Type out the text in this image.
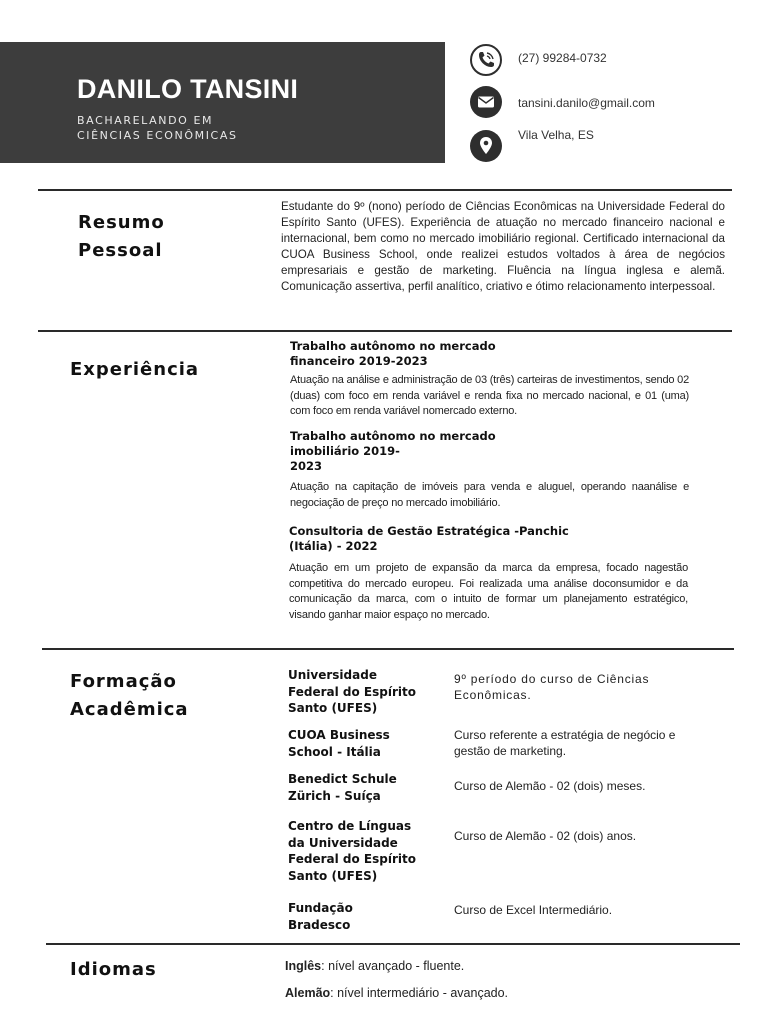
DANILO TANSINI
BACHARELANDO EM
CIÊNCIAS ECONÔMICAS
(27) 99284-0732
tansini.danilo@gmail.com
Vila Velha, ES
Resumo
Pessoal
Estudante do 9º (nono) período de Ciências Econômicas na Universidade Federal do Espírito Santo (UFES). Experiência de atuação no mercado financeiro nacional e internacional, bem como no mercado imobiliário regional. Certificado internacional da CUOA Business School, onde realizei estudos voltados à área de negócios empresariais e gestão de marketing. Fluência na língua inglesa e alemã. Comunicação assertiva, perfil analítico, criativo e ótimo relacionamento interpessoal.
Experiência
Trabalho autônomo no mercado
financeiro 2019-2023
Atuação na análise e administração de 03 (três) carteiras de investimentos, sendo 02 (duas) com foco em renda variável e renda fixa no mercado nacional, e 01 (uma) com foco em renda variável nomercado externo.
Trabalho autônomo no mercado
imobiliário 2019-
2023
Atuação na capitação de imóveis para venda e aluguel, operando naanálise e negociação de preço no mercado imobiliário.
Consultoria de Gestão Estratégica -Panchic
(Itália) - 2022
Atuação em um projeto de expansão da marca da empresa, focado nagestão competitiva do mercado europeu. Foi realizada uma análise doconsumidor e da comunicação da marca, com o intuito de formar um planejamento estratégico, visando ganhar maior espaço no mercado.
Formação
Acadêmica
Universidade Federal do Espírito Santo (UFES)
9º período do curso de Ciências Econômicas.
CUOA Business School - Itália
Curso referente a estratégia de negócio e gestão de marketing.
Benedict Schule Zürich - Suíça
Curso de Alemão - 02 (dois) meses.
Centro de Línguas da Universidade Federal do Espírito Santo (UFES)
Curso de Alemão - 02 (dois) anos.
Fundação Bradesco
Curso de Excel Intermediário.
Idiomas	Inglês: nível avançado - fluente.
Alemão: nível intermediário - avançado.
